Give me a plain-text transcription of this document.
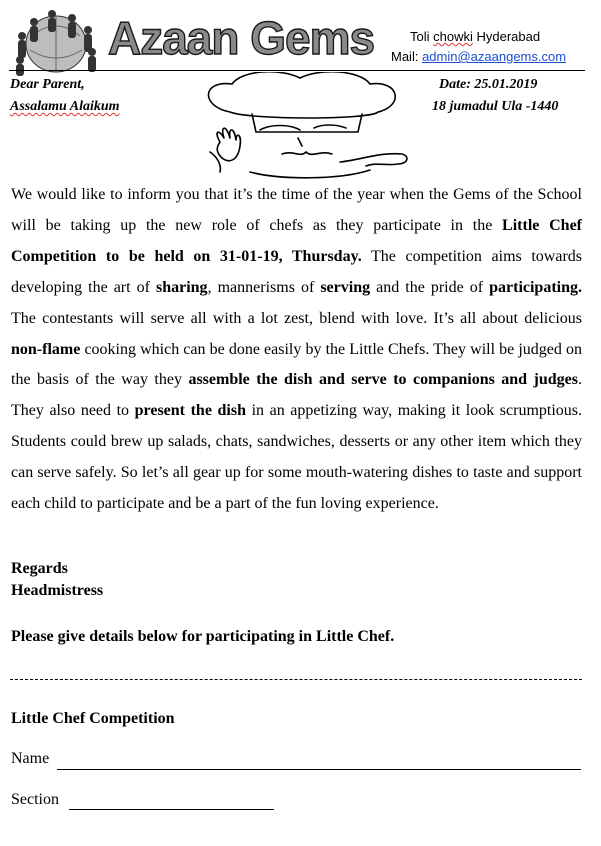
Azaan Gems	Toli chowki Hyderabad
Mail: admin@azaangems.com
Dear Parent,
Assalamu Alaikum
Date: 25.01.2019
18 jumadul Ula -1440
We would like to inform you that it’s the time of the year when the Gems of the School will be taking up the new role of chefs as they participate in the Little Chef Competition to be held on 31-01-19, Thursday. The competition aims towards developing the art of sharing, mannerisms of serving and the pride of participating. The contestants will serve all with a lot zest, blend with love. It’s all about delicious non-flame cooking which can be done easily by the Little Chefs. They will be judged on the basis of the way they assemble the dish and serve to companions and judges. They also need to present the dish in an appetizing way, making it look scrumptious. Students could brew up salads, chats, sandwiches, desserts or any other item which they can serve safely. So let’s all gear up for some mouth-watering dishes to taste and support each child to participate and be a part of the fun loving experience.
Regards
Headmistress
Please give details below for participating in Little Chef.
Little Chef Competition
Name
Section
